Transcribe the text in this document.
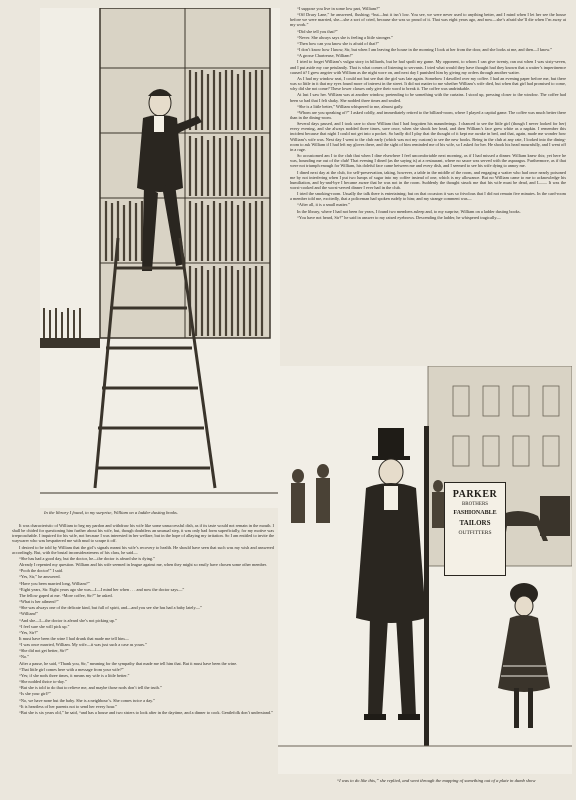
In the library I found, to my surprise, William on a ladder dusting books.

“I suppose you live in some low part, William?”

“Off Drury Lane,” he answered, flushing; “but—but it isn’t low. You see, we were never used to anything better, and I mind when I let her see the house before we were married, she—she a sort of cried, because she was so proud of it. That was eight years ago, and now—she’s afraid she’ll die when I’m away at my work.”

“Did she tell you that?”

“Never. She always says she is feeling a little stronger.”

“Then how can you know she is afraid of that?”

“I don’t know how I know, Sir, but when I am leaving the house in the morning I look at her from the door, and she looks at me, and then—I know.”

“A grosse Chartreuse, William!”

I tried to forget William’s vulgar story in billiards, but he had spoilt my game. My opponent, to whom I can give twenty, ran out when I was sixty-seven, and I put aside my cue petulantly. That is what comes of listening to servants. I tried what would they have thought had they known that a waiter’s impertinence caused it? I grew angrier with William as the night wore on, and next day I punished him by giving my orders through another waiter.

As I had my window seat, I could not but see that the girl was late again. Somehow I dawdled over my coffee. I had an evening paper before me, but there was so little in it that my eyes found more of interest in the street. It did not matter to me whether William’s wife died, but when that girl had promised to come, why did she not come? These lower classes only give their word to break it. The coffee was undrinkable.

At last I saw her. William was at another window, pretending to be something with the curtains. I stood up, pressing closer to the window. The coffee had been so bad that I felt shaky. She nodded three times and smiled.

“She is a little better,” William whispered to me, almost gaily.

“Whom are you speaking of?” I asked coldly, and immediately retired to the billiard-room, where I played a capital game. The coffee was much better there than in the dining-room.

Several days passed, and I took care to show William that I had forgotten his maunderings. I chanced to see the little girl (though I never looked for her) every evening, and she always nodded three times, save once, when she shook her head, and then William’s face grew white as a napkin. I remember this incident because that night I could not get into a pocket. So badly did I play that the thought of it kept me awake in bed, and that, again, made me wonder how William’s wife was. Next day I went to the club early (which was not my custom) to see the new books. Being in the club at any rate, I looked into the dining-room to ask William if I had left my gloves there, and the sight of him reminded me of his wife, so I asked for her. He shook his head mournfully, and I went off in a rage.

So accustomed am I to the club that when I dine elsewhere I feel uncomfortable next morning, as if I had missed a dinner. William knew this; yet here he was, hounding me out of the club! That evening I dined (as the saying is) at a restaurant, where no sauce was served with the asparagus. Furthermore, as if that were not triumph enough for William, his doleful face came between me and every dish, and I seemed to see his wife dying to annoy me.

I dined next day at the club, for self-preservation, taking, however, a table in the middle of the room, and engaging a waiter who had once nearly poisoned me by not interfering when I put two lumps of sugar into my coffee instead of one, which is my allowance. But no William came to me to acknowledge his humiliation, and by-and-bye I became aware that he was not in the room. Suddenly the thought struck me that his wife must be dead, and I—— It was the worst-cooked and the worst-served dinner I ever had in the club.

I tried the smoking-room. Usually the talk there is entertaining; but on that occasion it was so frivolous that I did not remain five minutes. In the card-room a member told me, excitedly, that a policeman had spoken rudely to him; and my strange comment was—

“After all, it is a small matter.”

In the library, where I had not been for years, I found two members asleep and, to my surprise, William on a ladder dusting books.

“You have not heard, Sir?” he said in answer to my raised eyebrows. Descending the ladder, he whispered tragically—

PARKER
BROTHERS
FASHIONABLE
TAILORS
OUTFITTERS
“I was to do like this,” she replied, and went through the mapping of something out of a plate in dumb show

It was characteristic of William to beg my pardon and withdraw his wife like some unsuccessful dish, as if its taste would not remain in the mouth. I shall be chided for questioning him further about his wife, but, though doubtless an unusual step, it was only bad form superficially, for my motive was irreproachable. I inquired for his wife, not because I was interested in her welfare, but in the hope of allaying my irritation. So I am entitled to invite the waywarer who was bespattered me with mud to scrape it off.

I desired to be told by William that the girl’s signals meant his wife’s recovery to health. He should have seen that such was my wish and answered accordingly. But, with the brutal inconsiderateness of his class, he said—

“She has had a good day, but the doctor, he—the doctor is afeard she is dying.”

Already I repented my question. William and his wife seemed in league against me, when they might so easily have chosen some other member.

“Pooh the doctor!” I said.

“Yes, Sir,” he answered.

“Have you been married long, William?”

“Eight years, Sir. Eight years ago she was—I—I mind her when . . . and now the doctor says—”

The fellow gaped at me. “More coffee, Sir?” he asked.

“What is her ailment?”

“She was always one of the delicate kind, but full of spirit, and—and you see she has had a baby lately—”

“William!”

“And she—I—the doctor is afeard she’s not picking up.”

“I feel sure she will pick up.”

“Yes, Sir?”

It must have been the wine I had drunk that made me tell him—

“I was once married, William. My wife—it was just such a case as yours.”

“She did not get better, Sir?”

“No.”

After a pause, he said, “Thank you, Sir,” meaning for the sympathy that made me tell him that. But it must have been the wine.

“That little girl comes here with a message from your wife?”

“Yes; if she nods three times, it means my wife is a little better.”

“She nodded thrice to-day.”

“But she is told to do that to relieve me, and maybe those nods don’t tell the truth.”

“Is she your girl?”

“No, we have none but the baby. She is a neighbour’s. She comes twice a day.”

“It is heartless of her parents not to send her every hour.”

“But she is six years old,” he said, “and has a house and two sisters to look after in the daytime, and a dinner to cook. Gentlefolk don’t understand.”
